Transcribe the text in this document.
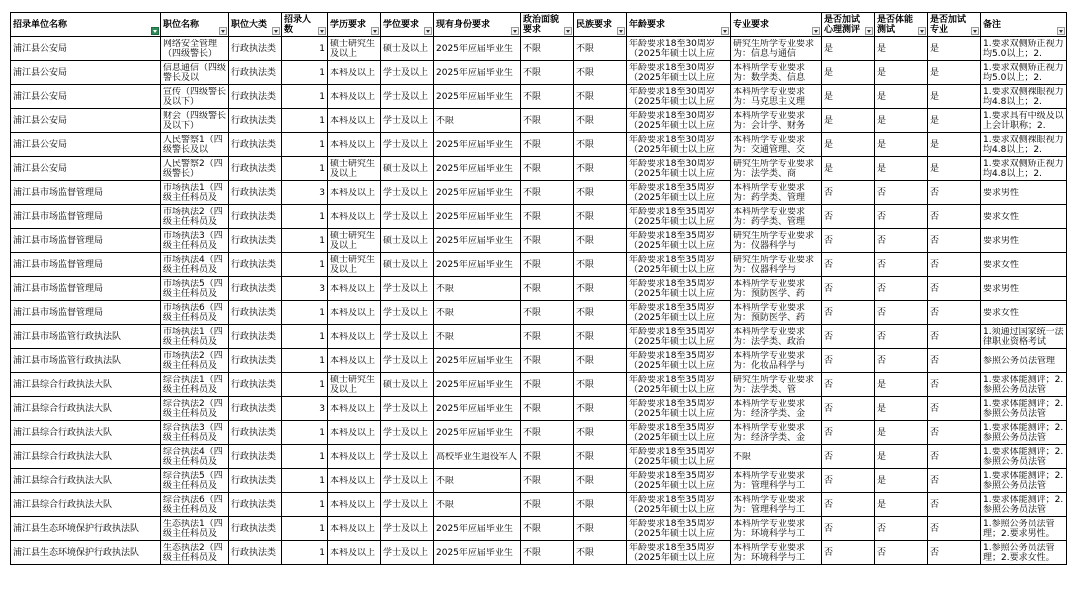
招录单位名称	职位名称	职位大类	招录人数	学历要求	学位要求	现有身份要求	政治面貌要求	民族要求	年龄要求	专业要求	是否加试心理测评	是否体能测试	是否加试专业	备注

浦江县公安局	网络安全管理（四级警长）	行政执法类	1	硕士研究生及以上	硕士及以上	2025年应届毕业生	不限	不限	年龄要求18至30周岁（2025年硕士以上应	研究生所学专业要求为：信息与通信	是	是	是	1.要求双侧矫正视力均5.0以上；2.

浦江县公安局	信息通信（四级警长及以	行政执法类	1	本科及以上	学士及以上	2025年应届毕业生	不限	不限	年龄要求18至30周岁（2025年硕士以上应	本科所学专业要求为：数学类、信息	是	是	是	1.要求双侧矫正视力均5.0以上；2.

浦江县公安局	宣传（四级警长及以下）	行政执法类	1	本科及以上	学士及以上	2025年应届毕业生	不限	不限	年龄要求18至30周岁（2025年硕士以上应	本科所学专业要求为：马克思主义理	是	是	是	1.要求双侧裸眼视力均4.8以上；2.

浦江县公安局	财会（四级警长及以下）	行政执法类	1	本科及以上	学士及以上	不限	不限	不限	年龄要求18至30周岁（2025年硕士以上应	本科所学专业要求为：会计学、财务	是	是	是	1.要求具有中级及以上会计职称；2.

浦江县公安局	人民警察1（四级警长及以	行政执法类	1	本科及以上	学士及以上	2025年应届毕业生	不限	不限	年龄要求18至30周岁（2025年硕士以上应	本科所学专业要求为：交通管理、交	是	是	是	1.要求双侧裸眼视力均4.8以上；2.

浦江县公安局	人民警察2（四级警长）	行政执法类	1	硕士研究生及以上	硕士及以上	2025年应届毕业生	不限	不限	年龄要求18至30周岁（2025年硕士以上应	研究生所学专业要求为：法学类、商	是	是	是	1.要求双侧矫正视力均4.8以上；2.

浦江县市场监督管理局	市场执法1（四级主任科员及	行政执法类	3	本科及以上	学士及以上	2025年应届毕业生	不限	不限	年龄要求18至35周岁（2025年硕士以上应	本科所学专业要求为：药学类、管理	否	否	否	要求男性

浦江县市场监督管理局	市场执法2（四级主任科员及	行政执法类	1	本科及以上	学士及以上	2025年应届毕业生	不限	不限	年龄要求18至35周岁（2025年硕士以上应	本科所学专业要求为：药学类、管理	否	否	否	要求女性

浦江县市场监督管理局	市场执法3（四级主任科员及	行政执法类	1	硕士研究生及以上	硕士及以上	2025年应届毕业生	不限	不限	年龄要求18至35周岁（2025年硕士以上应	研究生所学专业要求为：仪器科学与	否	否	否	要求男性

浦江县市场监督管理局	市场执法4（四级主任科员及	行政执法类	1	硕士研究生及以上	硕士及以上	2025年应届毕业生	不限	不限	年龄要求18至35周岁（2025年硕士以上应	研究生所学专业要求为：仪器科学与	否	否	否	要求女性

浦江县市场监督管理局	市场执法5（四级主任科员及	行政执法类	3	本科及以上	学士及以上	不限	不限	不限	年龄要求18至35周岁（2025年硕士以上应	本科所学专业要求为：预防医学、药	否	否	否	要求男性

浦江县市场监督管理局	市场执法6（四级主任科员及	行政执法类	1	本科及以上	学士及以上	不限	不限	不限	年龄要求18至35周岁（2025年硕士以上应	本科所学专业要求为：预防医学、药	否	否	否	要求女性

浦江县市场监管行政执法队	市场执法1（四级主任科员及	行政执法类	1	本科及以上	学士及以上	不限	不限	不限	年龄要求18至35周岁（2025年硕士以上应	本科所学专业要求为：法学类、政治	否	否	否	1.须通过国家统一法律职业资格考试

浦江县市场监管行政执法队	市场执法2（四级主任科员及	行政执法类	1	本科及以上	学士及以上	2025年应届毕业生	不限	不限	年龄要求18至35周岁（2025年硕士以上应	本科所学专业要求为：化妆品科学与	否	否	否	参照公务员法管理

浦江县综合行政执法大队	综合执法1（四级主任科员及	行政执法类	1	硕士研究生及以上	硕士及以上	2025年应届毕业生	不限	不限	年龄要求18至35周岁（2025年硕士以上应	研究生所学专业要求为：法学类、管	否	是	否	1.要求体能测评；2.参照公务员法管

浦江县综合行政执法大队	综合执法2（四级主任科员及	行政执法类	3	本科及以上	学士及以上	2025年应届毕业生	不限	不限	年龄要求18至35周岁（2025年硕士以上应	本科所学专业要求为：经济学类、金	否	是	否	1.要求体能测评；2.参照公务员法管

浦江县综合行政执法大队	综合执法3（四级主任科员及	行政执法类	1	本科及以上	学士及以上	2025年应届毕业生	不限	不限	年龄要求18至35周岁（2025年硕士以上应	本科所学专业要求为：经济学类、金	否	是	否	1.要求体能测评；2.参照公务员法管

浦江县综合行政执法大队	综合执法4（四级主任科员及	行政执法类	1	本科及以上	学士及以上	高校毕业生退役军人	不限	不限	年龄要求18至35周岁（2025年硕士以上应	不限	否	是	否	1.要求体能测评；2.参照公务员法管

浦江县综合行政执法大队	综合执法5（四级主任科员及	行政执法类	1	本科及以上	学士及以上	不限	不限	不限	年龄要求18至35周岁（2025年硕士以上应	本科所学专业要求为：管理科学与工	否	是	否	1.要求体能测评；2.参照公务员法管

浦江县综合行政执法大队	综合执法6（四级主任科员及	行政执法类	1	本科及以上	学士及以上	不限	不限	不限	年龄要求18至35周岁（2025年硕士以上应	本科所学专业要求为：管理科学与工	否	是	否	1.要求体能测评；2.参照公务员法管

浦江县生态环境保护行政执法队	生态执法1（四级主任科员及	行政执法类	1	本科及以上	学士及以上	2025年应届毕业生	不限	不限	年龄要求18至35周岁（2025年硕士以上应	本科所学专业要求为：环境科学与工	否	否	否	1.参照公务员法管理；2.要求男性。

浦江县生态环境保护行政执法队	生态执法2（四级主任科员及	行政执法类	1	本科及以上	学士及以上	2025年应届毕业生	不限	不限	年龄要求18至35周岁（2025年硕士以上应	本科所学专业要求为：环境科学与工	否	否	否	1.参照公务员法管理；2.要求女性。
